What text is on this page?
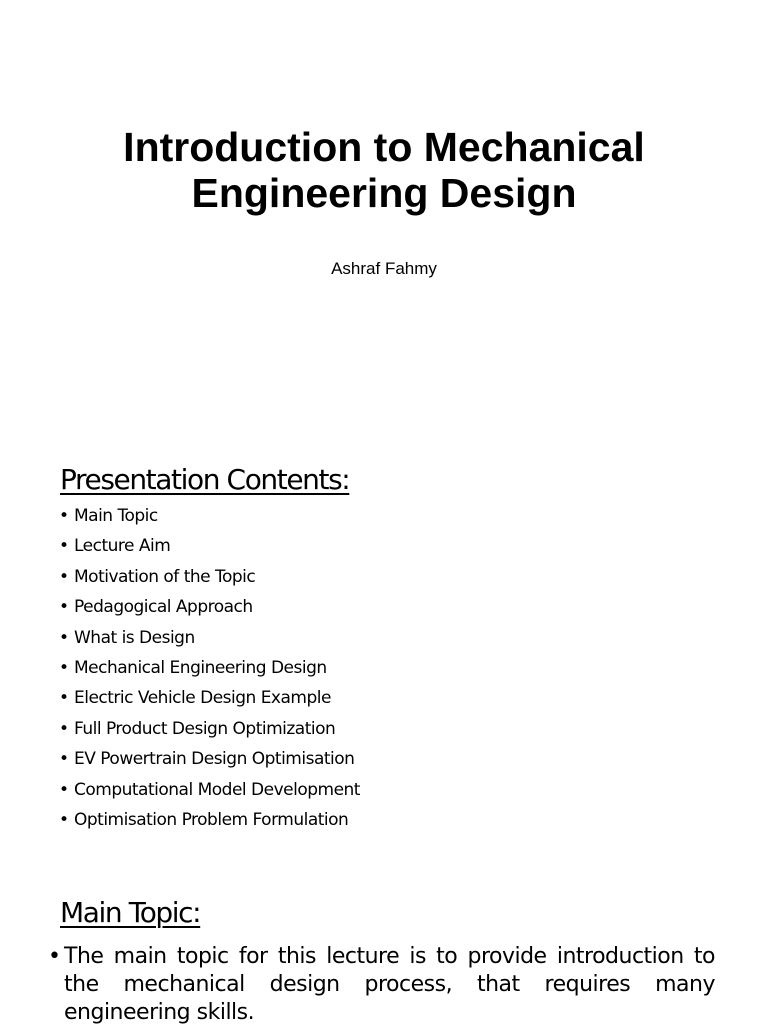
Introduction to Mechanical
Engineering Design
Ashraf Fahmy
Presentation Contents:
• Main Topic
• Lecture Aim
• Motivation of the Topic
• Pedagogical Approach
• What is Design
• Mechanical Engineering Design
• Electric Vehicle Design Example
• Full Product Design Optimization
• EV Powertrain Design Optimisation
• Computational Model Development
• Optimisation Problem Formulation
Main Topic:
• The main topic for this lecture is to provide introduction to the mechanical design process, that requires many engineering skills.
